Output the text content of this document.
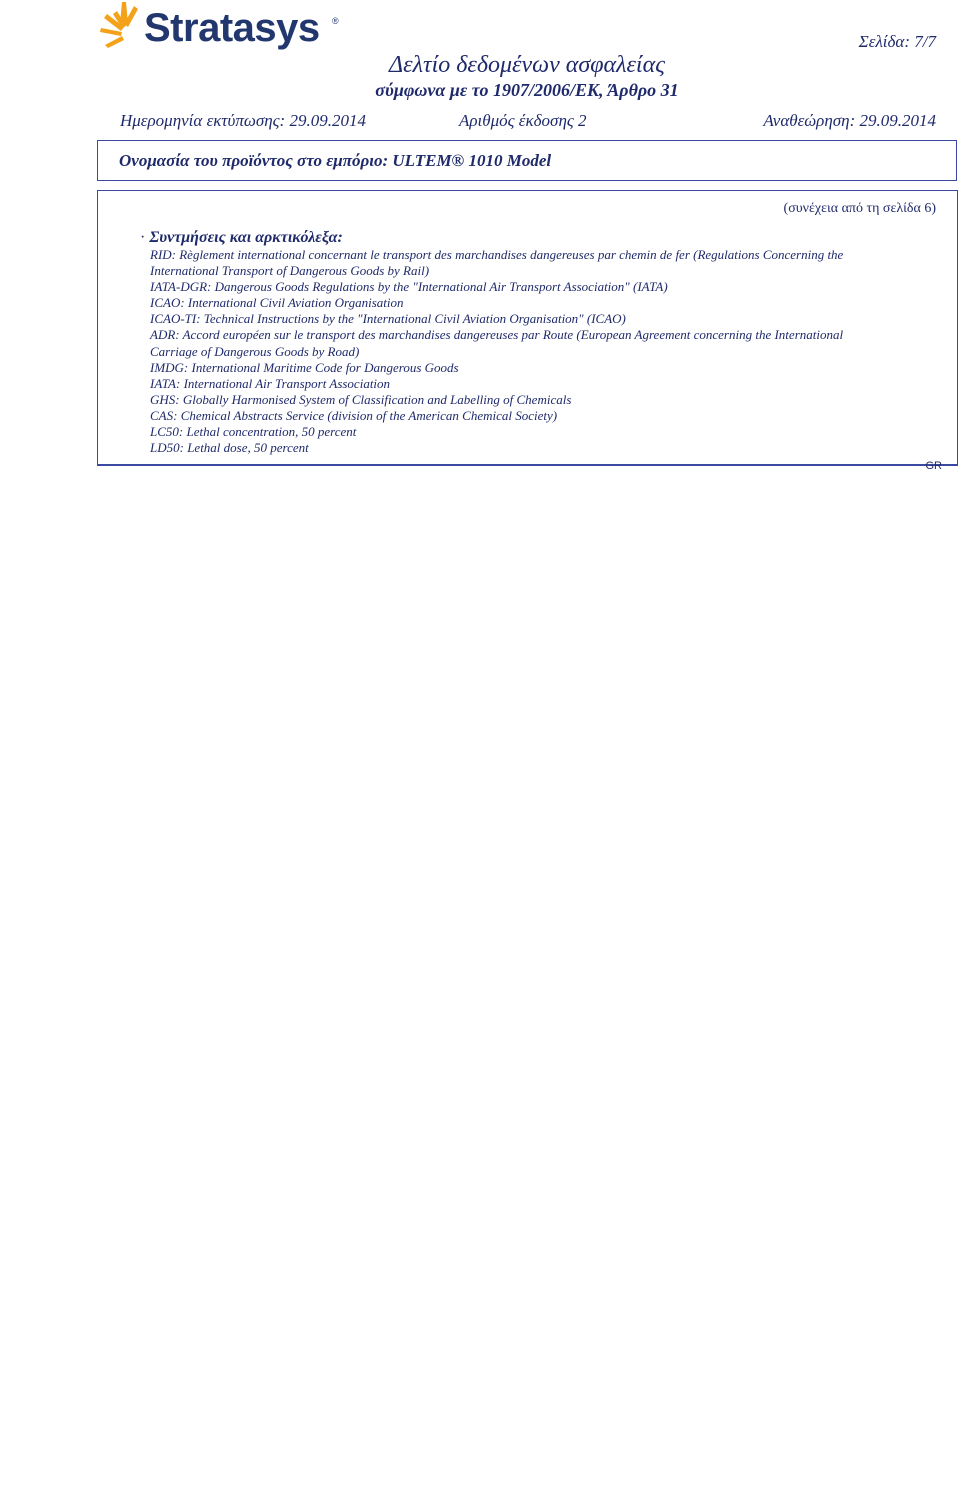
Stratasys ®
Σελίδα: 7/7
Δελτίο δεδομένων ασφαλείας
σύμφωνα με το 1907/2006/ΕΚ, Άρθρο 31
Ημερομηνία εκτύπωσης: 29.09.2014	Αριθμός έκδοσης 2	Αναθεώρηση: 29.09.2014
Ονομασία του προϊόντος στο εμπόριο: ULTEM® 1010 Model
(συνέχεια από τη σελίδα 6)
· Συντμήσεις και αρκτικόλεξα:
RID: Règlement international concernant le transport des marchandises dangereuses par chemin de fer (Regulations Concerning the
International Transport of Dangerous Goods by Rail)
IATA-DGR: Dangerous Goods Regulations by the "International Air Transport Association" (IATA)
ICAO: International Civil Aviation Organisation
ICAO-TI: Technical Instructions by the "International Civil Aviation Organisation" (ICAO)
ADR: Accord européen sur le transport des marchandises dangereuses par Route (European Agreement concerning the International
Carriage of Dangerous Goods by Road)
IMDG: International Maritime Code for Dangerous Goods
IATA: International Air Transport Association
GHS: Globally Harmonised System of Classification and Labelling of Chemicals
CAS: Chemical Abstracts Service (division of the American Chemical Society)
LC50: Lethal concentration, 50 percent
LD50: Lethal dose, 50 percent
GR
